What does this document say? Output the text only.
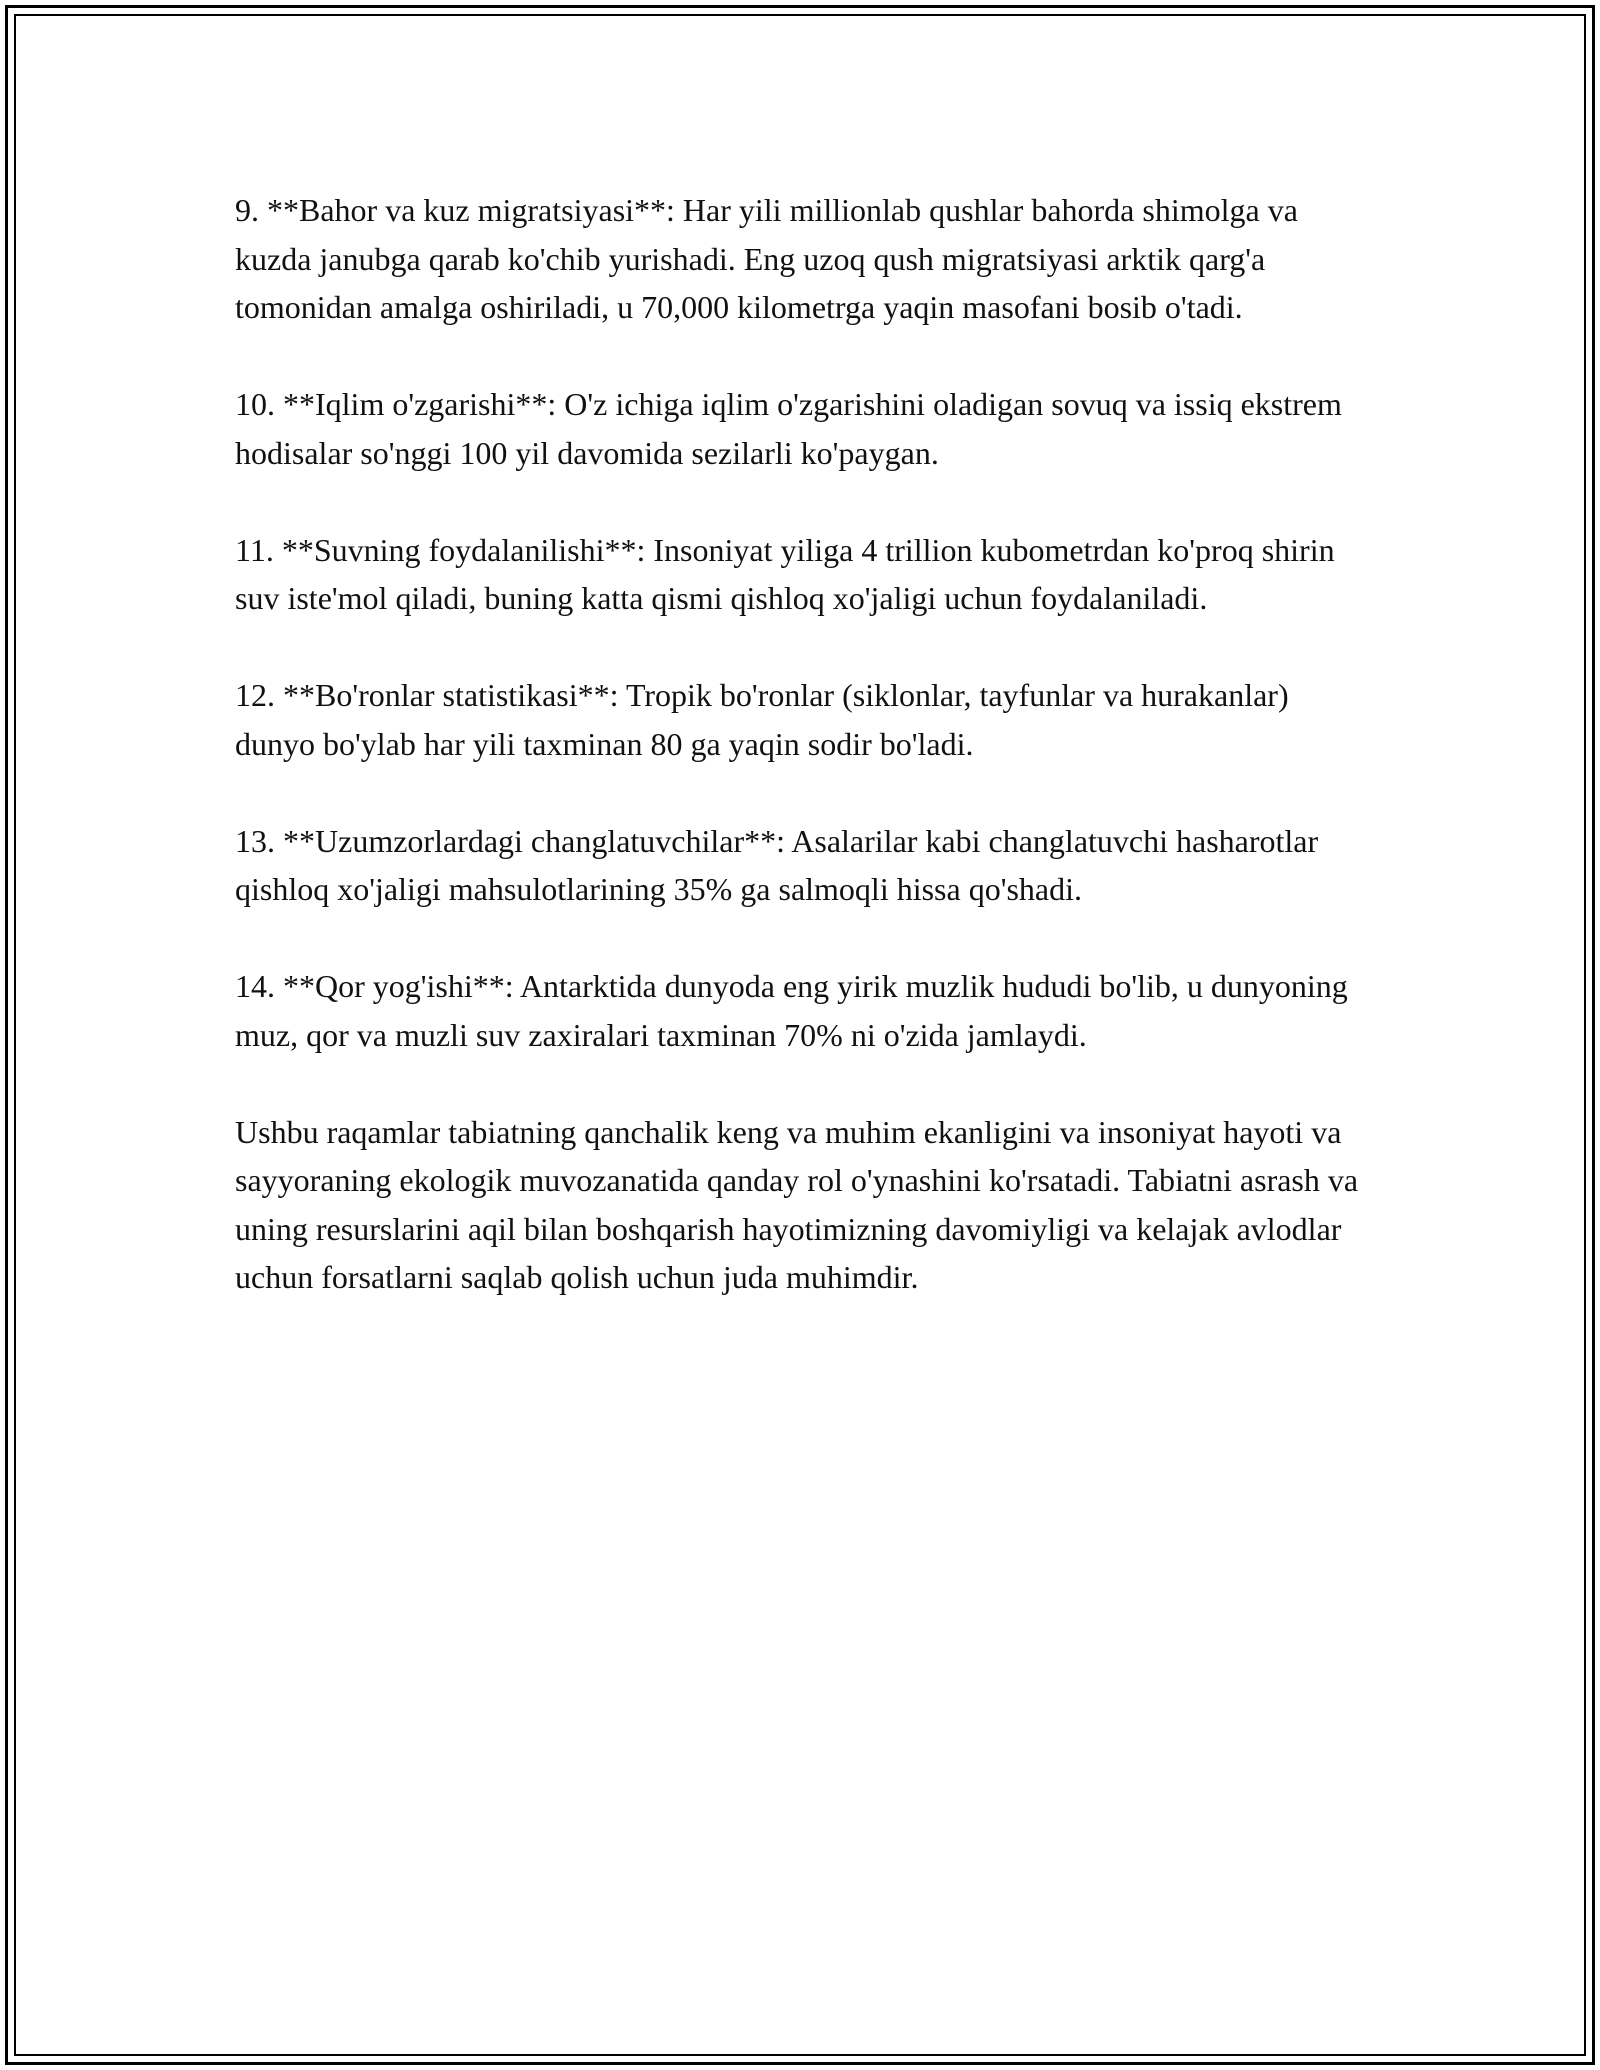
9. **Bahor va kuz migratsiyasi**: Har yili millionlab qushlar bahorda shimolga va kuzda janubga qarab ko'chib yurishadi. Eng uzoq qush migratsiyasi arktik qarg'a tomonidan amalga oshiriladi, u 70,000 kilometrga yaqin masofani bosib o'tadi.

10. **Iqlim o'zgarishi**: O'z ichiga iqlim o'zgarishini oladigan sovuq va issiq ekstrem hodisalar so'nggi 100 yil davomida sezilarli ko'paygan.

11. **Suvning foydalanilishi**: Insoniyat yiliga 4 trillion kubometrdan ko'proq shirin suv iste'mol qiladi, buning katta qismi qishloq xo'jaligi uchun foydalaniladi.

12. **Bo'ronlar statistikasi**: Tropik bo'ronlar (siklonlar, tayfunlar va hurakanlar) dunyo bo'ylab har yili taxminan 80 ga yaqin sodir bo'ladi.

13. **Uzumzorlardagi changlatuvchilar**: Asalarilar kabi changlatuvchi hasharotlar qishloq xo'jaligi mahsulotlarining 35% ga salmoqli hissa qo'shadi.

14. **Qor yog'ishi**: Antarktida dunyoda eng yirik muzlik hududi bo'lib, u dunyoning muz, qor va muzli suv zaxiralari taxminan 70% ni o'zida jamlaydi.

Ushbu raqamlar tabiatning qanchalik keng va muhim ekanligini va insoniyat hayoti va sayyoraning ekologik muvozanatida qanday rol o'ynashini ko'rsatadi. Tabiatni asrash va uning resurslarini aqil bilan boshqarish hayotimizning davomiyligi va kelajak avlodlar uchun forsatlarni saqlab qolish uchun juda muhimdir.
